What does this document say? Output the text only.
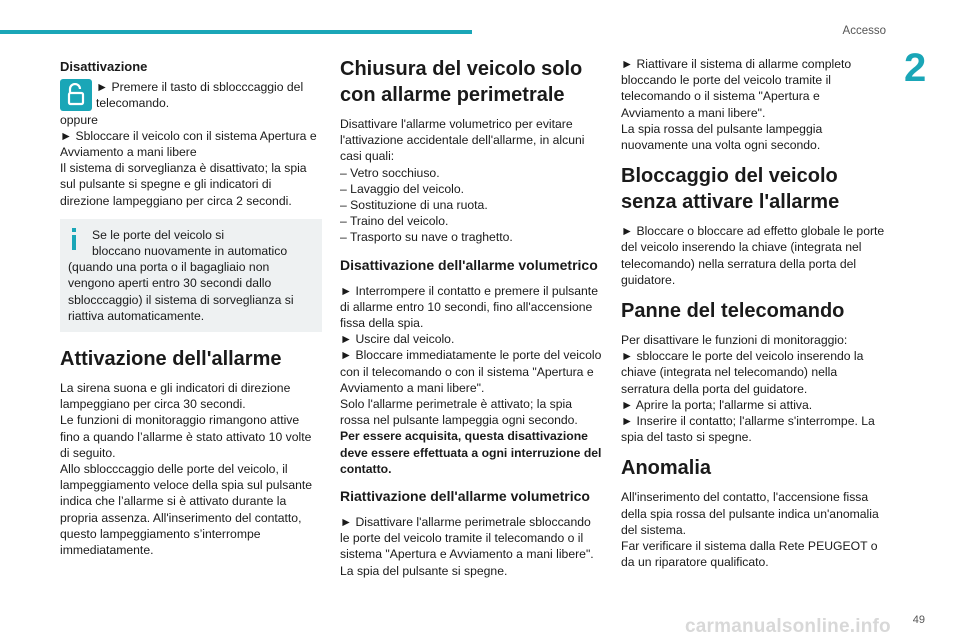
Accesso
2

Disattivazione

► Premere il tasto di sblocccaggio del telecomando.

oppure

► Sbloccare il veicolo con il sistema Apertura e Avviamento a mani libere

Il sistema di sorveglianza è disattivato; la spia sul pulsante si spegne e gli indicatori di direzione lampeggiano per circa 2 secondi.

Se le porte del veicolo si

bloccano nuovamente in automatico

(quando una porta o il bagagliaio non vengono aperti entro 30 secondi dallo sblocccaggio) il sistema di sorveglianza si riattiva automaticamente.

Attivazione dell'allarme

La sirena suona e gli indicatori di direzione lampeggiano per circa 30 secondi.

Le funzioni di monitoraggio rimangono attive fino a quando l’allarme è stato attivato 10 volte di seguito.

Allo sblocccaggio delle porte del veicolo, il lampeggiamento veloce della spia sul pulsante indica che l’allarme si è attivato durante la propria assenza. All'inserimento del contatto, questo lampeggiamento s’interrompe immediatamente.

Chiusura del veicolo solo con allarme perimetrale

Disattivare l'allarme volumetrico per evitare l'attivazione accidentale dell'allarme, in alcuni casi quali:

– Vetro socchiuso.

– Lavaggio del veicolo.

– Sostituzione di una ruota.

– Traino del veicolo.

– Trasporto su nave o traghetto.

Disattivazione dell'allarme volumetrico

► Interrompere il contatto e premere il pulsante di allarme entro 10 secondi, fino all'accensione fissa della spia.

► Uscire dal veicolo.

► Bloccare immediatamente le porte del veicolo con il telecomando o con il sistema "Apertura e Avviamento a mani libere".

Solo l'allarme perimetrale è attivato; la spia rossa nel pulsante lampeggia ogni secondo.

Per essere acquisita, questa disattivazione deve essere effettuata a ogni interruzione del contatto.

Riattivazione dell'allarme volumetrico

► Disattivare l'allarme perimetrale sbloccando le porte del veicolo tramite il telecomando o il sistema "Apertura e Avviamento a mani libere".

La spia del pulsante si spegne.

► Riattivare il sistema di allarme completo bloccando le porte del veicolo tramite il telecomando o il sistema "Apertura e Avviamento a mani libere".

La spia rossa del pulsante lampeggia nuovamente una volta ogni secondo.

Bloccaggio del veicolo senza attivare l'allarme

► Bloccare o bloccare ad effetto globale le porte del veicolo inserendo la chiave (integrata nel telecomando) nella serratura della porta del guidatore.

Panne del telecomando

Per disattivare le funzioni di monitoraggio:

► sbloccare le porte del veicolo inserendo la chiave (integrata nel telecomando) nella serratura della porta del guidatore.

► Aprire la porta; l'allarme si attiva.

► Inserire il contatto; l'allarme s'interrompe. La spia del tasto si spegne.

Anomalia

All'inserimento del contatto, l'accensione fissa della spia rossa del pulsante indica un'anomalia del sistema.

Far verificare il sistema dalla Rete PEUGEOT o da un riparatore qualificato.

carmanualsonline.info 49
